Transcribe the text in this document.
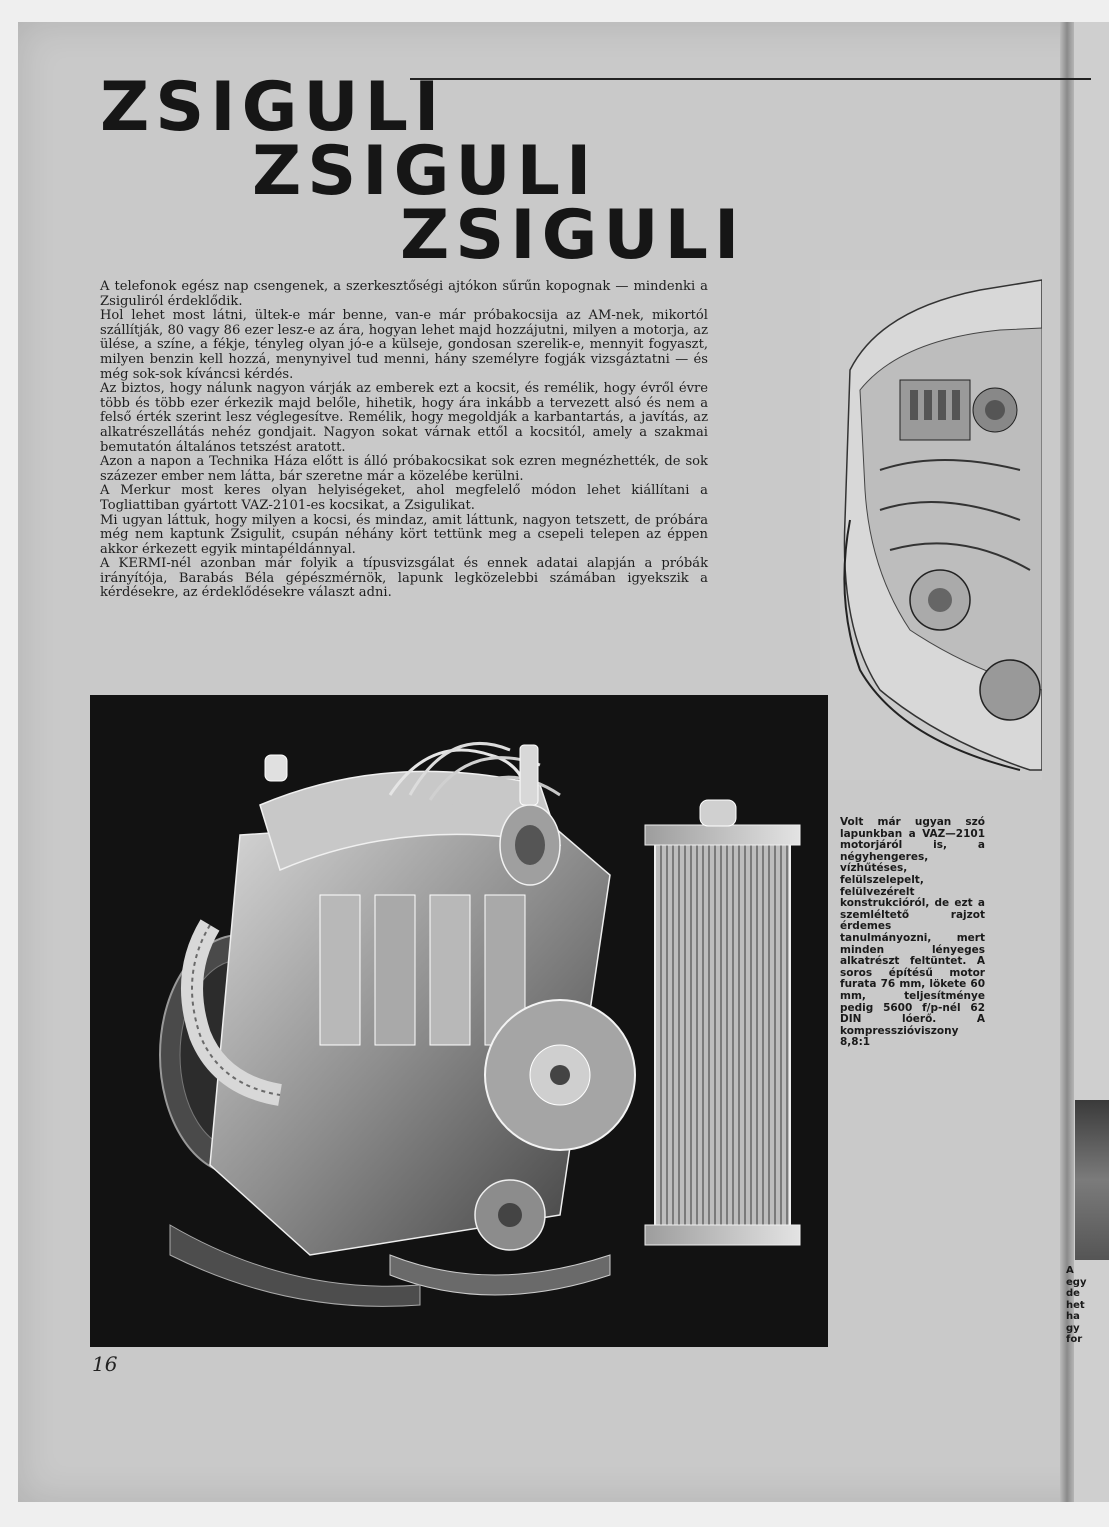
ZSIGULI
ZSIGULI
ZSIGULI

A telefonok egész nap csengenek, a szerkesztőségi ajtókon sűrűn kopognak — mindenki a Zsiguliról érdeklődik.

Hol lehet most látni, ültek-e már benne, van-e már próbakocsija az AM-nek, mikortól szállítják, 80 vagy 86 ezer lesz-e az ára, hogyan lehet majd hozzájutni, milyen a motorja, az ülése, a színe, a fékje, tényleg olyan jó-e a külseje, gondosan szerelik-e, mennyit fogyaszt, milyen benzin kell hozzá, menynyivel tud menni, hány személyre fogják vizsgáztatni — és még sok-sok kíváncsi kérdés.

Az biztos, hogy nálunk nagyon várják az emberek ezt a kocsit, és remélik, hogy évről évre több és több ezer érkezik majd belőle, hihetik, hogy ára inkább a tervezett alsó és nem a felső érték szerint lesz véglegesítve. Remélik, hogy megoldják a karbantartás, a javítás, az alkatrészellátás nehéz gondjait. Nagyon sokat várnak ettől a kocsitól, amely a szakmai bemutatón általános tetszést aratott.

Azon a napon a Technika Háza előtt is álló próbakocsikat sok ezren megnézhették, de sok százezer ember nem látta, bár szeretne már a közelébe kerülni.

A Merkur most keres olyan helyiségeket, ahol megfelelő módon lehet kiállítani a Togliattiban gyártott VAZ-2101-es kocsikat, a Zsigulikat.

Mi ugyan láttuk, hogy milyen a kocsi, és mindaz, amit láttunk, nagyon tetszett, de próbára még nem kaptunk Zsigulit, csupán néhány kört tettünk meg a csepeli telepen az éppen akkor érkezett egyik mintapéldánnyal.

A KERMI-nél azonban már folyik a típusvizsgálat és ennek adatai alapján a próbák irányítója, Barabás Béla gépészmérnök, lapunk legközelebbi számában igyekszik a kérdésekre, az érdeklődésekre választ adni.

Volt már ugyan szó lapunkban a VAZ—2101 motorjáról is, a négyhengeres, vízhűtéses, felülszelepelt, felülvezérelt konstrukcióról, de ezt a szemléltető rajzot érdemes tanulmányozni, mert minden lényeges alkatrészt feltüntet. A soros építésű motor furata 76 mm, lökete 60 mm, teljesítménye pedig 5600 f/p-nél 62 DIN lóerő. A kompresszióviszony 8,8:1
16
A
egy
de
het
ha
gy
for
